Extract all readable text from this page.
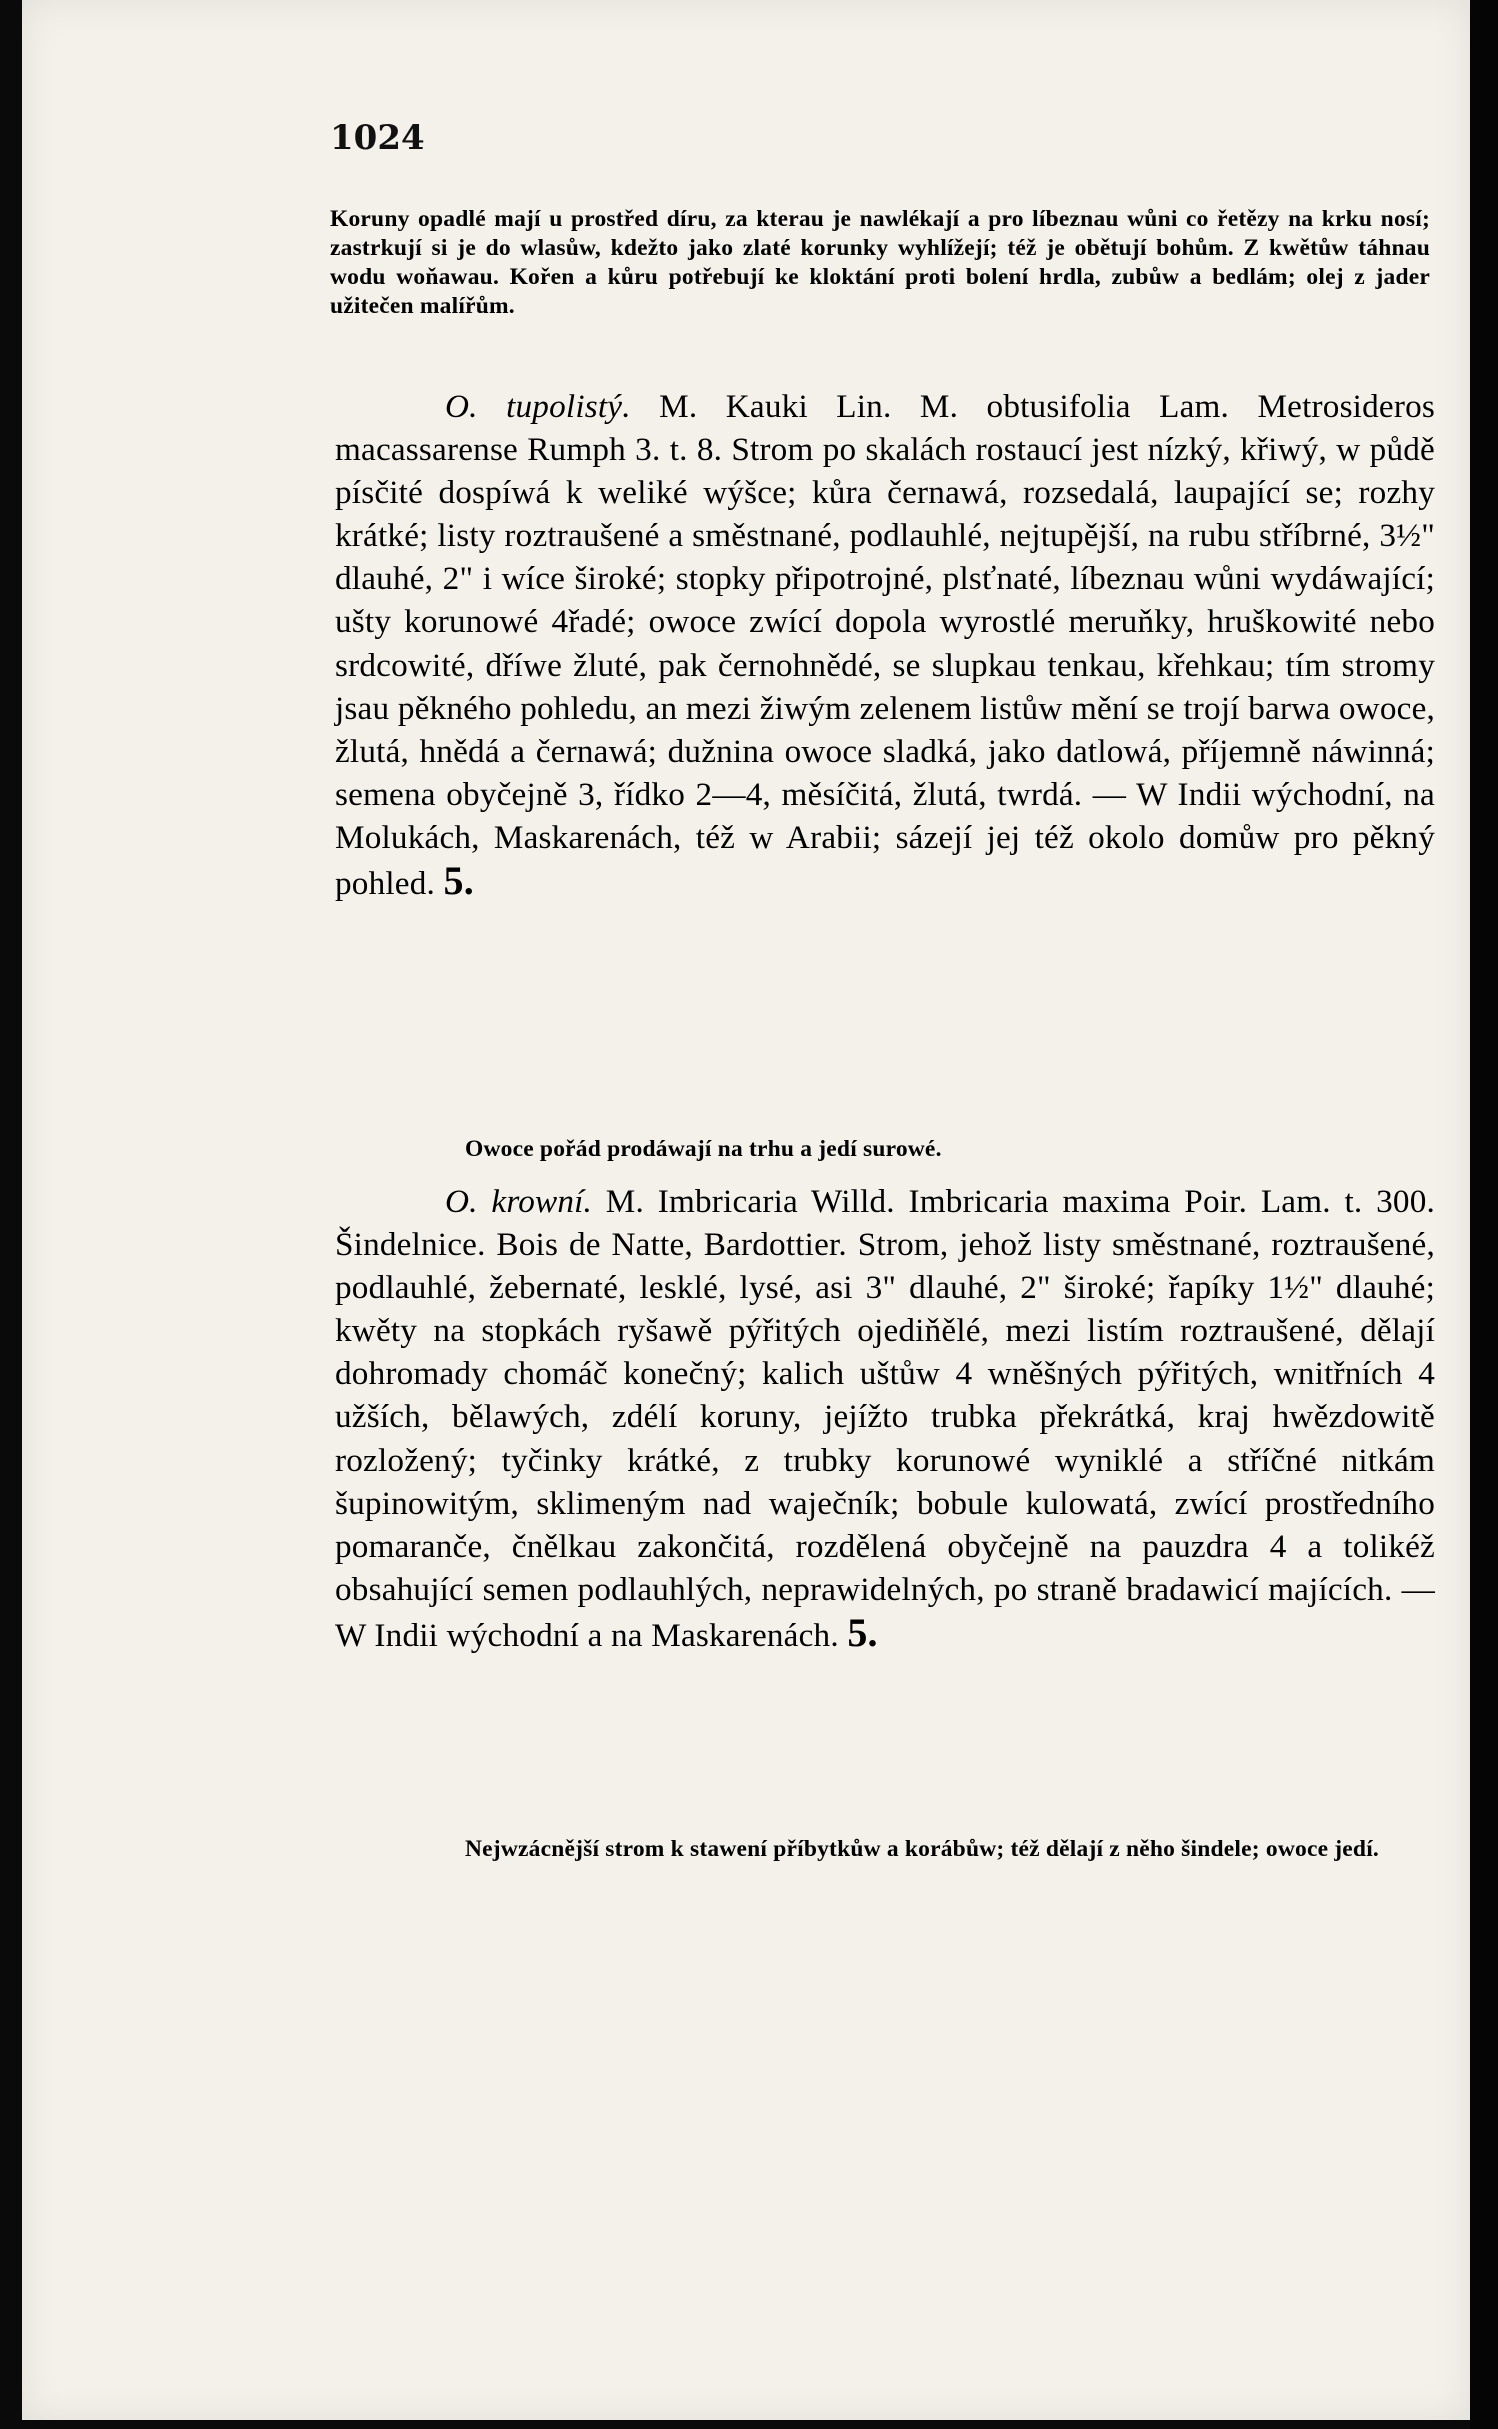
1024
Koruny opadlé mají u prostřed díru, za kterau je nawlékají a pro líbeznau wůni co řetězy na krku nosí; zastrkují si je do wlasůw, kdežto jako zlaté korunky wyhlížejí; též je obětují bohům. Z kwětůw táhnau wodu woňawau. Kořen a kůru potřebují ke kloktání proti bolení hrdla, zubůw a bedlám; olej z jader užitečen malířům.
O. tupolistý. M. Kauki Lin. M. obtusifolia Lam. Metrosideros macassarense Rumph 3. t. 8. Strom po skalách rostaucí jest nízký, křiwý, w půdě písčité dospíwá k weliké wýšce; kůra černawá, rozsedalá, laupající se; rozhy krátké; listy roztraušené a směstnané, podlauhlé, nejtupější, na rubu stříbrné, 3½" dlauhé, 2" i wíce široké; stopky připotrojné, plsťnaté, líbeznau wůni wydáwající; ušty korunowé 4řadé; owoce zwící dopola wyrostlé meruňky, hruškowité nebo srdcowité, dříwe žluté, pak černohnědé, se slupkau tenkau, křehkau; tím stromy jsau pěkného pohledu, an mezi žiwým zelenem listůw mění se trojí barwa owoce, žlutá, hnědá a černawá; dužnina owoce sladká, jako datlowá, příjemně náwinná; semena obyčejně 3, řídko 2—4, měsíčitá, žlutá, twrdá. — W Indii wýchodní, na Molukách, Maskarenách, též w Arabii; sázejí jej též okolo domůw pro pěkný pohled. 5.
Owoce pořád prodáwají na trhu a jedí surowé.
O. krowní. M. Imbricaria Willd. Imbricaria maxima Poir. Lam. t. 300. Šindelnice. Bois de Natte, Bardottier. Strom, jehož listy směstnané, roztraušené, podlauhlé, žebernaté, lesklé, lysé, asi 3" dlauhé, 2" široké; řapíky 1½" dlauhé; kwěty na stopkách ryšawě pýřitých ojediňělé, mezi listím roztraušené, dělají dohromady chomáč konečný; kalich uštůw 4 wněšných pýřitých, wnitřních 4 užších, bělawých, zdélí koruny, jejížto trubka překrátká, kraj hwězdowitě rozložený; tyčinky krátké, z trubky korunowé wyniklé a stříčné nitkám šupinowitým, sklimeným nad waječník; bobule kulowatá, zwící prostředního pomaranče, čnělkau zakončitá, rozdělená obyčejně na pauzdra 4 a tolikéž obsahující semen podlauhlých, neprawidelných, po straně bradawicí majících. — W Indii wýchodní a na Maskarenách. 5.
Nejwzácnější strom k stawení příbytkůw a korábůw; též dělají z něho šindele; owoce jedí.
